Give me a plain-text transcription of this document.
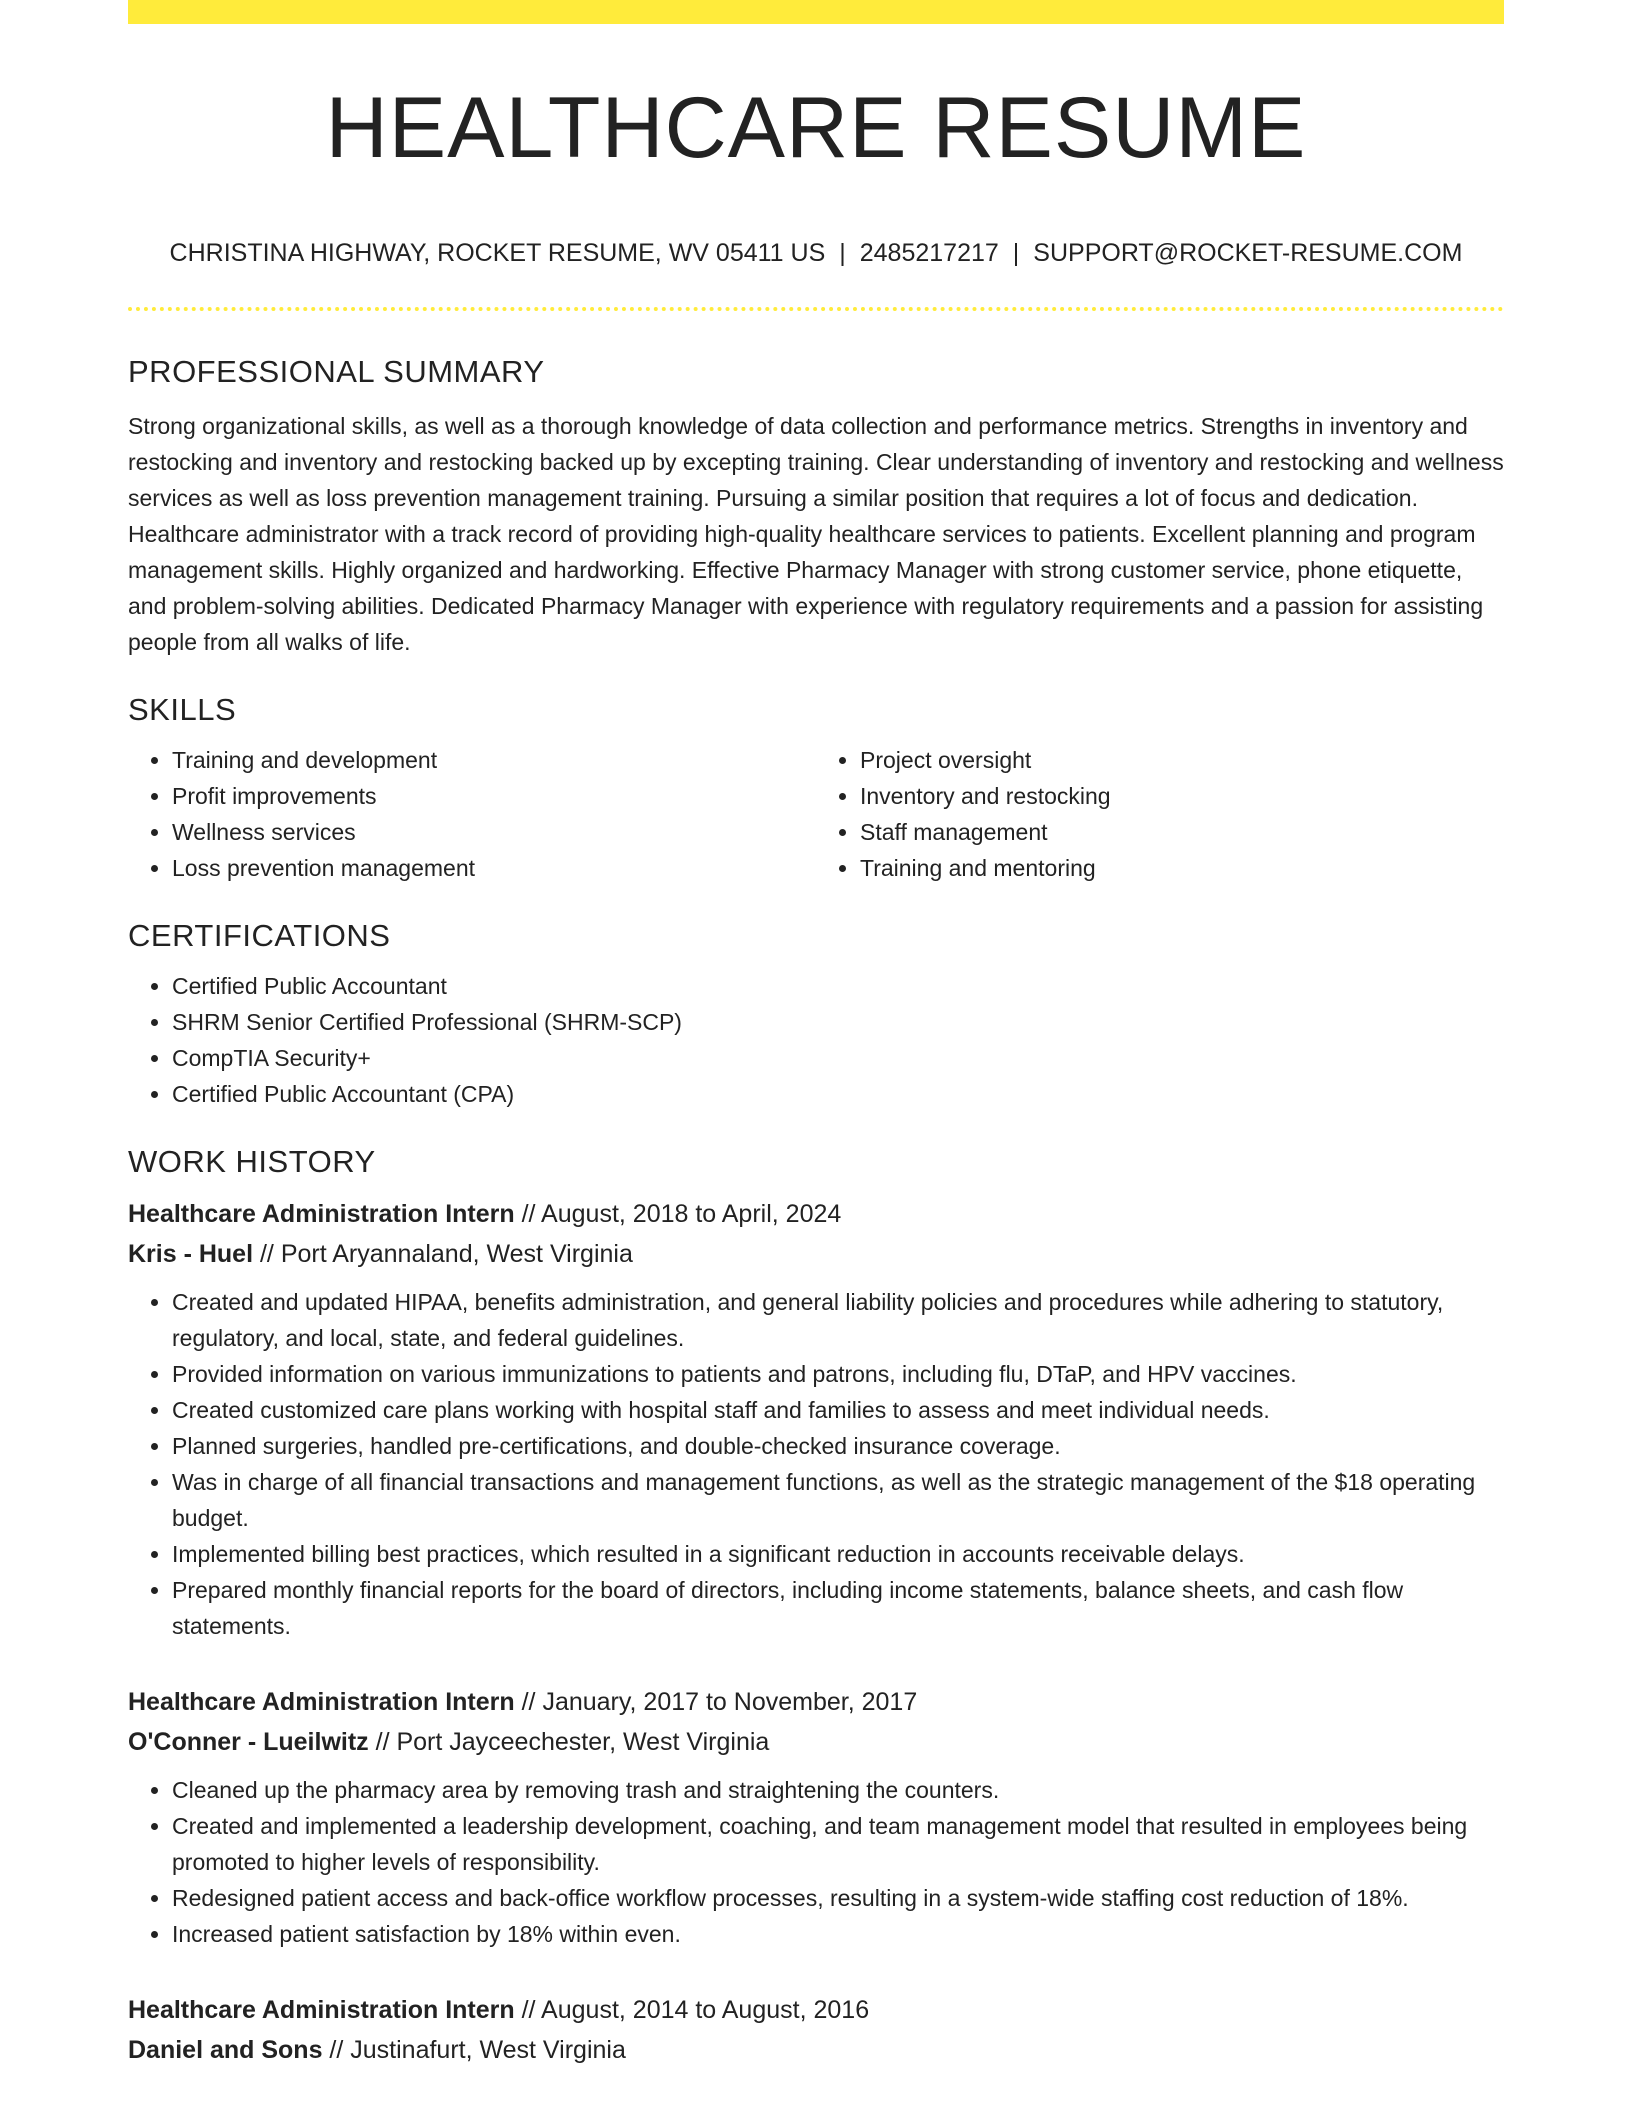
HEALTHCARE RESUME
CHRISTINA HIGHWAY, ROCKET RESUME, WV 05411 US | 2485217217 | SUPPORT@ROCKET-RESUME.COM
PROFESSIONAL SUMMARY

Strong organizational skills, as well as a thorough knowledge of data collection and performance metrics. Strengths in inventory and restocking and inventory and restocking backed up by excepting training. Clear understanding of inventory and restocking and wellness services as well as loss prevention management training. Pursuing a similar position that requires a lot of focus and dedication. Healthcare administrator with a track record of providing high-quality healthcare services to patients. Excellent planning and program management skills. Highly organized and hardworking. Effective Pharmacy Manager with strong customer service, phone etiquette, and problem-solving abilities. Dedicated Pharmacy Manager with experience with regulatory requirements and a passion for assisting people from all walks of life.

SKILLS
• Training and development
• Profit improvements
• Wellness services
• Loss prevention management
• Project oversight
• Inventory and restocking
• Staff management
• Training and mentoring
CERTIFICATIONS
• Certified Public Accountant
• SHRM Senior Certified Professional (SHRM-SCP)
• CompTIA Security+
• Certified Public Accountant (CPA)
WORK HISTORY

Healthcare Administration Intern // August, 2018 to April, 2024

Kris - Huel // Port Aryannaland, West Virginia

• Created and updated HIPAA, benefits administration, and general liability policies and procedures while adhering to statutory, regulatory, and local, state, and federal guidelines.
• Provided information on various immunizations to patients and patrons, including flu, DTaP, and HPV vaccines.
• Created customized care plans working with hospital staff and families to assess and meet individual needs.
• Planned surgeries, handled pre-certifications, and double-checked insurance coverage.
• Was in charge of all financial transactions and management functions, as well as the strategic management of the $18 operating budget.
• Implemented billing best practices, which resulted in a significant reduction in accounts receivable delays.
• Prepared monthly financial reports for the board of directors, including income statements, balance sheets, and cash flow statements.

Healthcare Administration Intern // January, 2017 to November, 2017

O'Conner - Lueilwitz // Port Jayceechester, West Virginia

• Cleaned up the pharmacy area by removing trash and straightening the counters.
• Created and implemented a leadership development, coaching, and team management model that resulted in employees being promoted to higher levels of responsibility.
• Redesigned patient access and back-office workflow processes, resulting in a system-wide staffing cost reduction of 18%.
• Increased patient satisfaction by 18% within even.

Healthcare Administration Intern // August, 2014 to August, 2016

Daniel and Sons // Justinafurt, West Virginia
